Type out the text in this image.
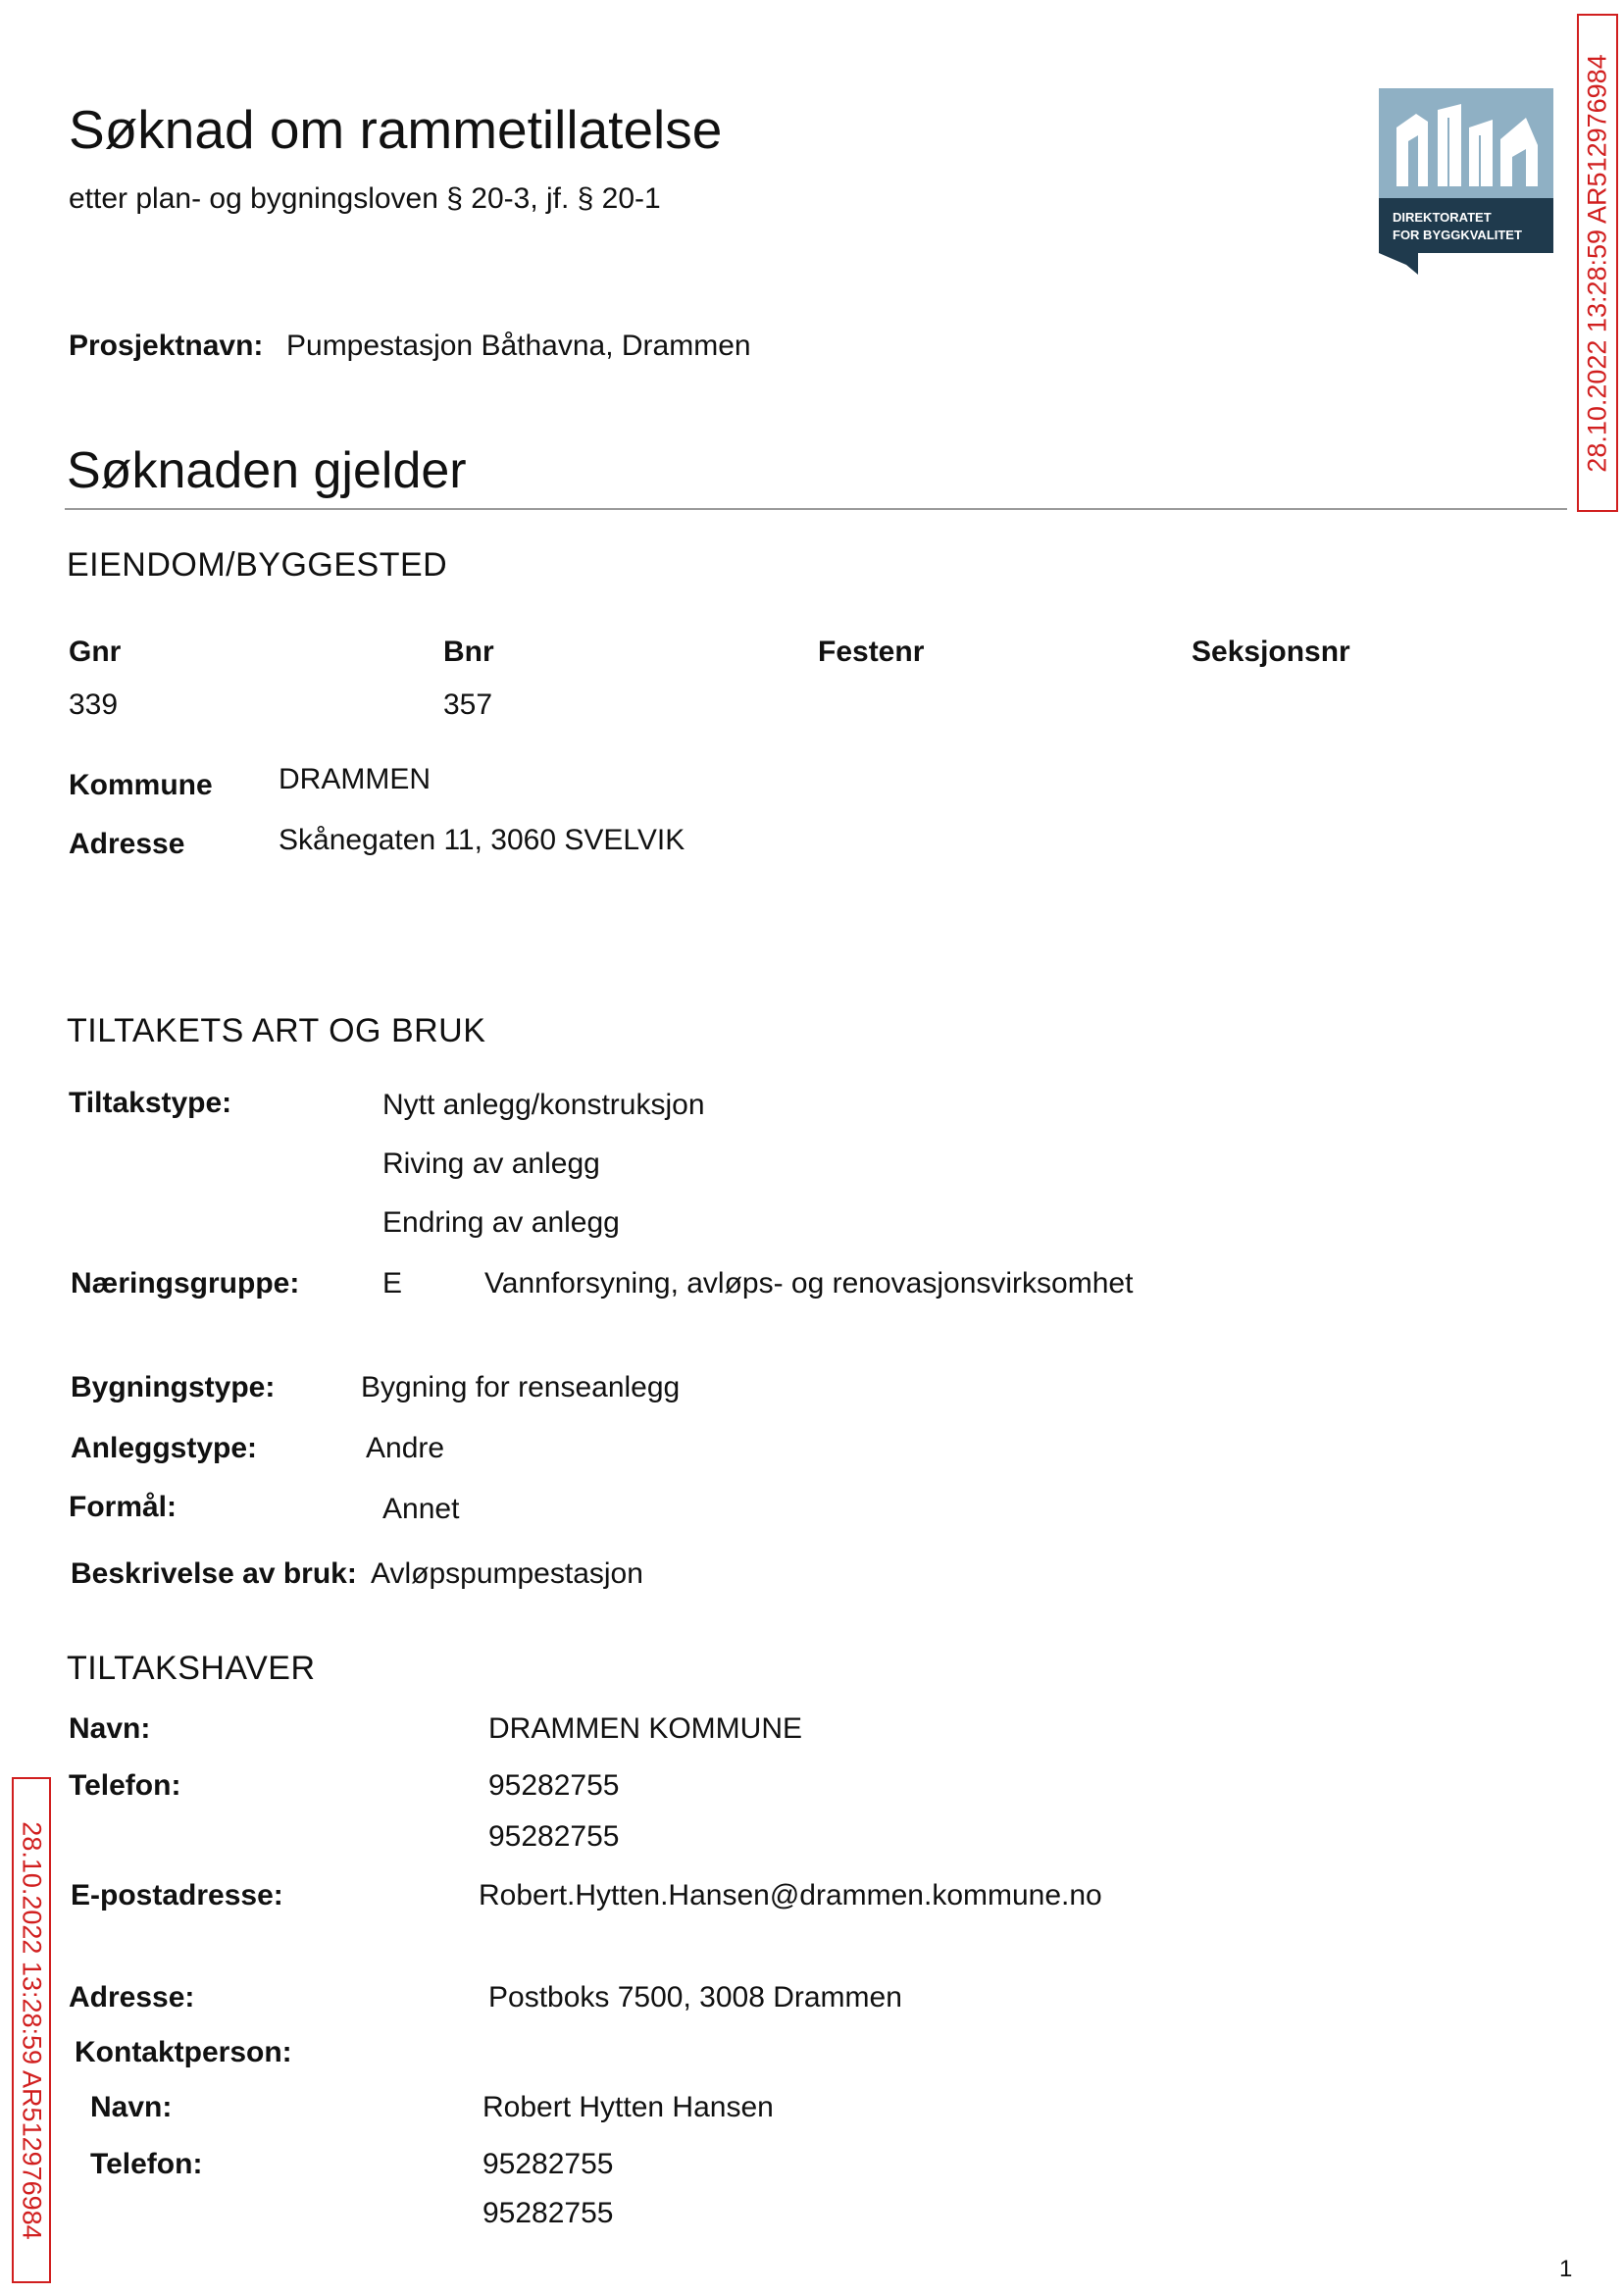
Søknad om rammetillatelse
etter plan- og bygningsloven § 20-3, jf. § 20-1
DIREKTORATET
FOR BYGGKVALITET 28.10.2022 13:28:59 AR512976984
28.10.2022 13:28:59 AR512976984
Prosjektnavn: Pumpestasjon Båthavna, Drammen
Søknaden gjelder
EIENDOM/BYGGESTED
Gnr	Bnr	Festenr	Seksjonsnr
339	357
Kommune DRAMMEN
Adresse	Skånegaten 11, 3060 SVELVIK
TILTAKETS ART OG BRUK
Tiltakstype:	Nytt anlegg/konstruksjon
Riving av anlegg
Endring av anlegg
Næringsgruppe:	E	Vannforsyning, avløps- og renovasjonsvirksomhet
Bygningstype:	Bygning for renseanlegg
Anleggstype:	Andre
Formål:	Annet
Beskrivelse av bruk: Avløpspumpestasjon
TILTAKSHAVER
Navn:	DRAMMEN KOMMUNE
Telefon:	95282755
95282755
E-postadresse:	Robert.Hytten.Hansen@drammen.kommune.no
Adresse:	Postboks 7500, 3008 Drammen
Kontaktperson:
Navn:	Robert Hytten Hansen
Telefon:	95282755
95282755
1
